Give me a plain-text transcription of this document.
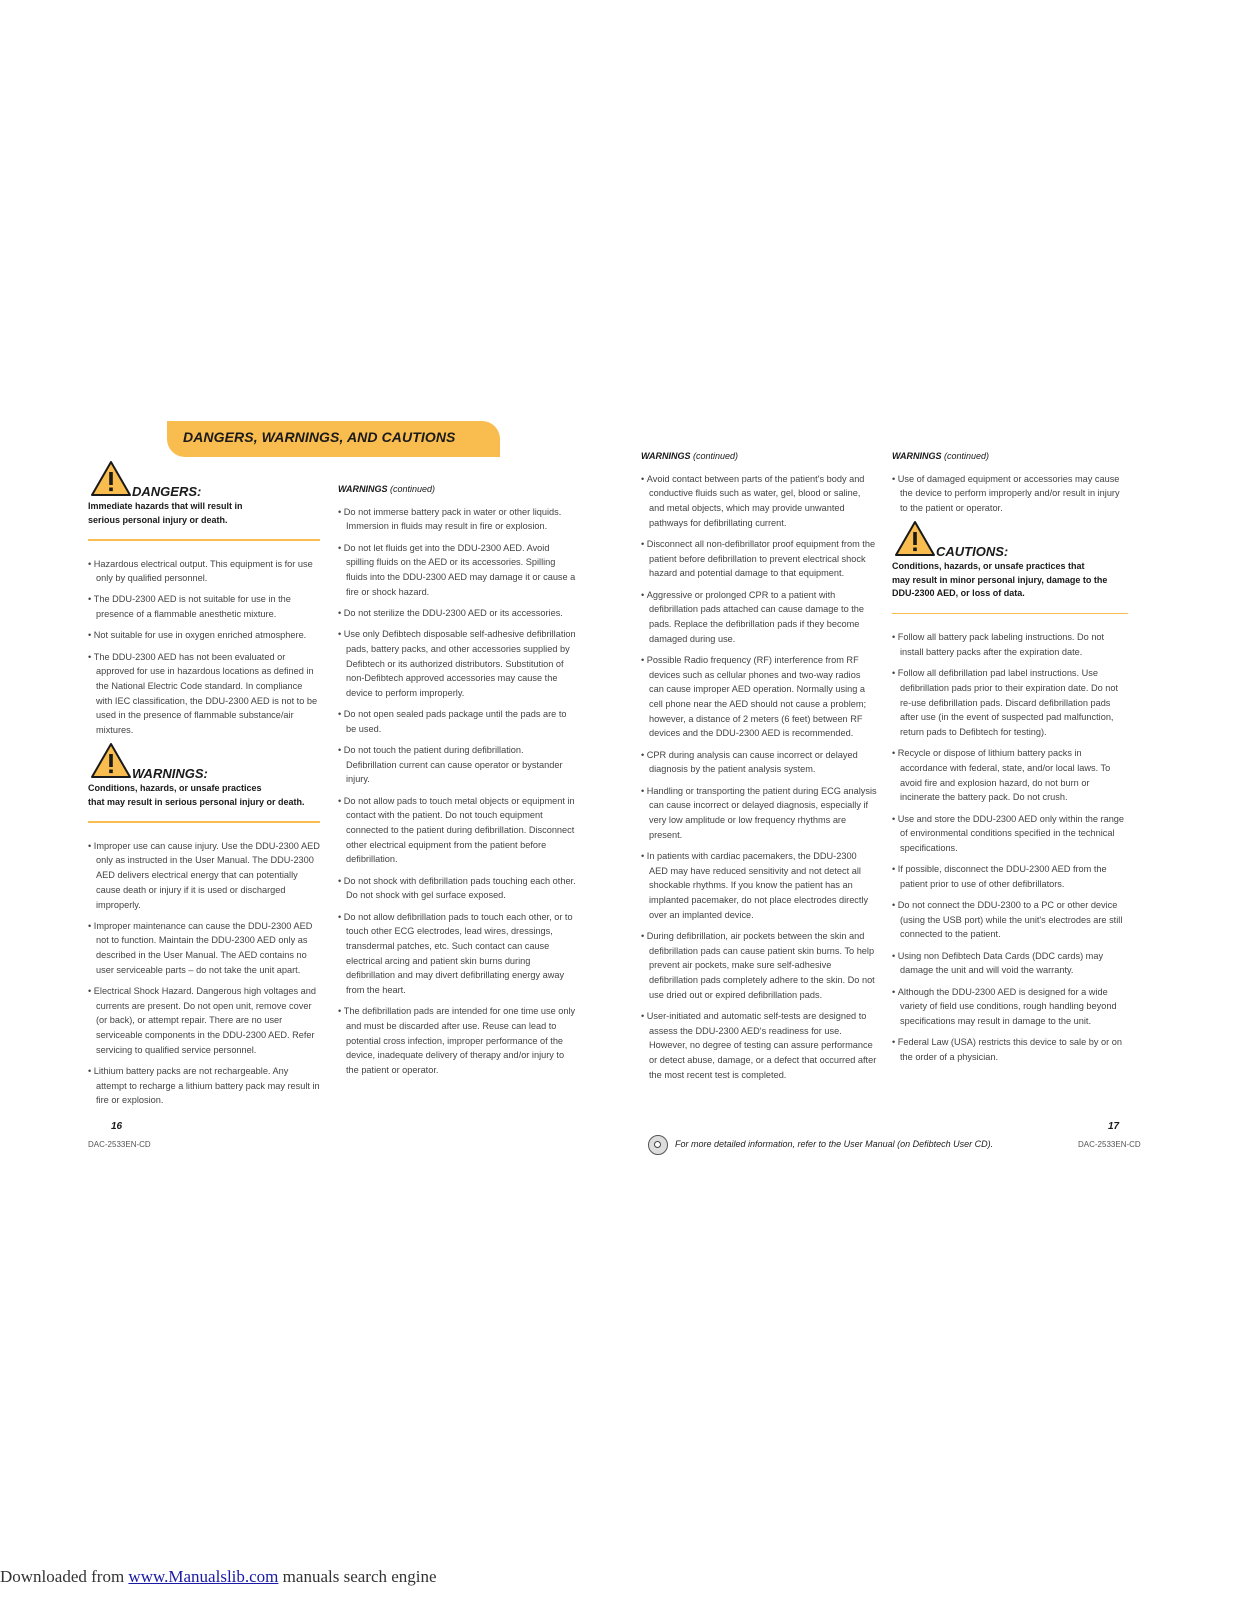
DANGERS, WARNINGS, AND CAUTIONS
DANGERS:
Immediate hazards that will result in
serious personal injury or death.
• Hazardous electrical output. This equipment is for use only by qualified personnel.
• The DDU-2300 AED is not suitable for use in the presence of a flammable anesthetic mixture.
• Not suitable for use in oxygen enriched atmosphere.
• The DDU-2300 AED has not been evaluated or approved for use in hazardous locations as defined in the National Electric Code standard. In compliance with IEC classification, the DDU-2300 AED is not to be used in the presence of flammable substance/air mixtures.
WARNINGS:
Conditions, hazards, or unsafe practices
that may result in serious personal injury or death.
• Improper use can cause injury. Use the DDU-2300 AED only as instructed in the User Manual. The DDU-2300 AED delivers electrical energy that can potentially cause death or injury if it is used or discharged improperly.
• Improper maintenance can cause the DDU-2300 AED not to function. Maintain the DDU-2300 AED only as described in the User Manual. The AED contains no user serviceable parts – do not take the unit apart.
• Electrical Shock Hazard. Dangerous high voltages and currents are present. Do not open unit, remove cover (or back), or attempt repair. There are no user serviceable components in the DDU-2300 AED. Refer servicing to qualified service personnel.
• Lithium battery packs are not rechargeable. Any attempt to recharge a lithium battery pack may result in fire or explosion.
WARNINGS (continued)
• Do not immerse battery pack in water or other liquids. Immersion in fluids may result in fire or explosion.
• Do not let fluids get into the DDU-2300 AED. Avoid spilling fluids on the AED or its accessories. Spilling fluids into the DDU-2300 AED may damage it or cause a fire or shock hazard.
• Do not sterilize the DDU-2300 AED or its accessories.
• Use only Defibtech disposable self-adhesive defibrillation pads, battery packs, and other accessories supplied by Defibtech or its authorized distributors. Substitution of non-Defibtech approved accessories may cause the device to perform improperly.
• Do not open sealed pads package until the pads are to be used.
• Do not touch the patient during defibrillation. Defibrillation current can cause operator or bystander injury.
• Do not allow pads to touch metal objects or equipment in contact with the patient. Do not touch equipment connected to the patient during defibrillation. Disconnect other electrical equipment from the patient before defibrillation.
• Do not shock with defibrillation pads touching each other. Do not shock with gel surface exposed.
• Do not allow defibrillation pads to touch each other, or to touch other ECG electrodes, lead wires, dressings, transdermal patches, etc. Such contact can cause electrical arcing and patient skin burns during defibrillation and may divert defibrillating energy away from the heart.
• The defibrillation pads are intended for one time use only and must be discarded after use. Reuse can lead to potential cross infection, improper performance of the device, inadequate delivery of therapy and/or injury to the patient or operator.
WARNINGS (continued)
• Avoid contact between parts of the patient's body and conductive fluids such as water, gel, blood or saline, and metal objects, which may provide unwanted pathways for defibrillating current.
• Disconnect all non-defibrillator proof equipment from the patient before defibrillation to prevent electrical shock hazard and potential damage to that equipment.
• Aggressive or prolonged CPR to a patient with defibrillation pads attached can cause damage to the pads. Replace the defibrillation pads if they become damaged during use.
• Possible Radio frequency (RF) interference from RF devices such as cellular phones and two-way radios can cause improper AED operation. Normally using a cell phone near the AED should not cause a problem; however, a distance of 2 meters (6 feet) between RF devices and the DDU-2300 AED is recommended.
• CPR during analysis can cause incorrect or delayed diagnosis by the patient analysis system.
• Handling or transporting the patient during ECG analysis can cause incorrect or delayed diagnosis, especially if very low amplitude or low frequency rhythms are present.
• In patients with cardiac pacemakers, the DDU-2300 AED may have reduced sensitivity and not detect all shockable rhythms. If you know the patient has an implanted pacemaker, do not place electrodes directly over an implanted device.
• During defibrillation, air pockets between the skin and defibrillation pads can cause patient skin burns. To help prevent air pockets, make sure self-adhesive defibrillation pads completely adhere to the skin. Do not use dried out or expired defibrillation pads.
• User-initiated and automatic self-tests are designed to assess the DDU-2300 AED's readiness for use. However, no degree of testing can assure performance or detect abuse, damage, or a defect that occurred after the most recent test is completed.
WARNINGS (continued)
• Use of damaged equipment or accessories may cause the device to perform improperly and/or result in injury to the patient or operator.
CAUTIONS:
Conditions, hazards, or unsafe practices that
may result in minor personal injury, damage to the
DDU-2300 AED, or loss of data.
• Follow all battery pack labeling instructions. Do not install battery packs after the expiration date.
• Follow all defibrillation pad label instructions. Use defibrillation pads prior to their expiration date. Do not re-use defibrillation pads. Discard defibrillation pads after use (in the event of suspected pad malfunction, return pads to Defibtech for testing).
• Recycle or dispose of lithium battery packs in accordance with federal, state, and/or local laws. To avoid fire and explosion hazard, do not burn or incinerate the battery pack. Do not crush.
• Use and store the DDU-2300 AED only within the range of environmental conditions specified in the technical specifications.
• If possible, disconnect the DDU-2300 AED from the patient prior to use of other defibrillators.
• Do not connect the DDU-2300 to a PC or other device (using the USB port) while the unit's electrodes are still connected to the patient.
• Using non Defibtech Data Cards (DDC cards) may damage the unit and will void the warranty.
• Although the DDU-2300 AED is designed for a wide variety of field use conditions, rough handling beyond specifications may result in damage to the unit.
• Federal Law (USA) restricts this device to sale by or on the order of a physician.
16
DAC-2533EN-CD
17
DAC-2533EN-CD
For more detailed information, refer to the User Manual (on Defibtech User CD).
Downloaded from www.Manualslib.com manuals search engine
